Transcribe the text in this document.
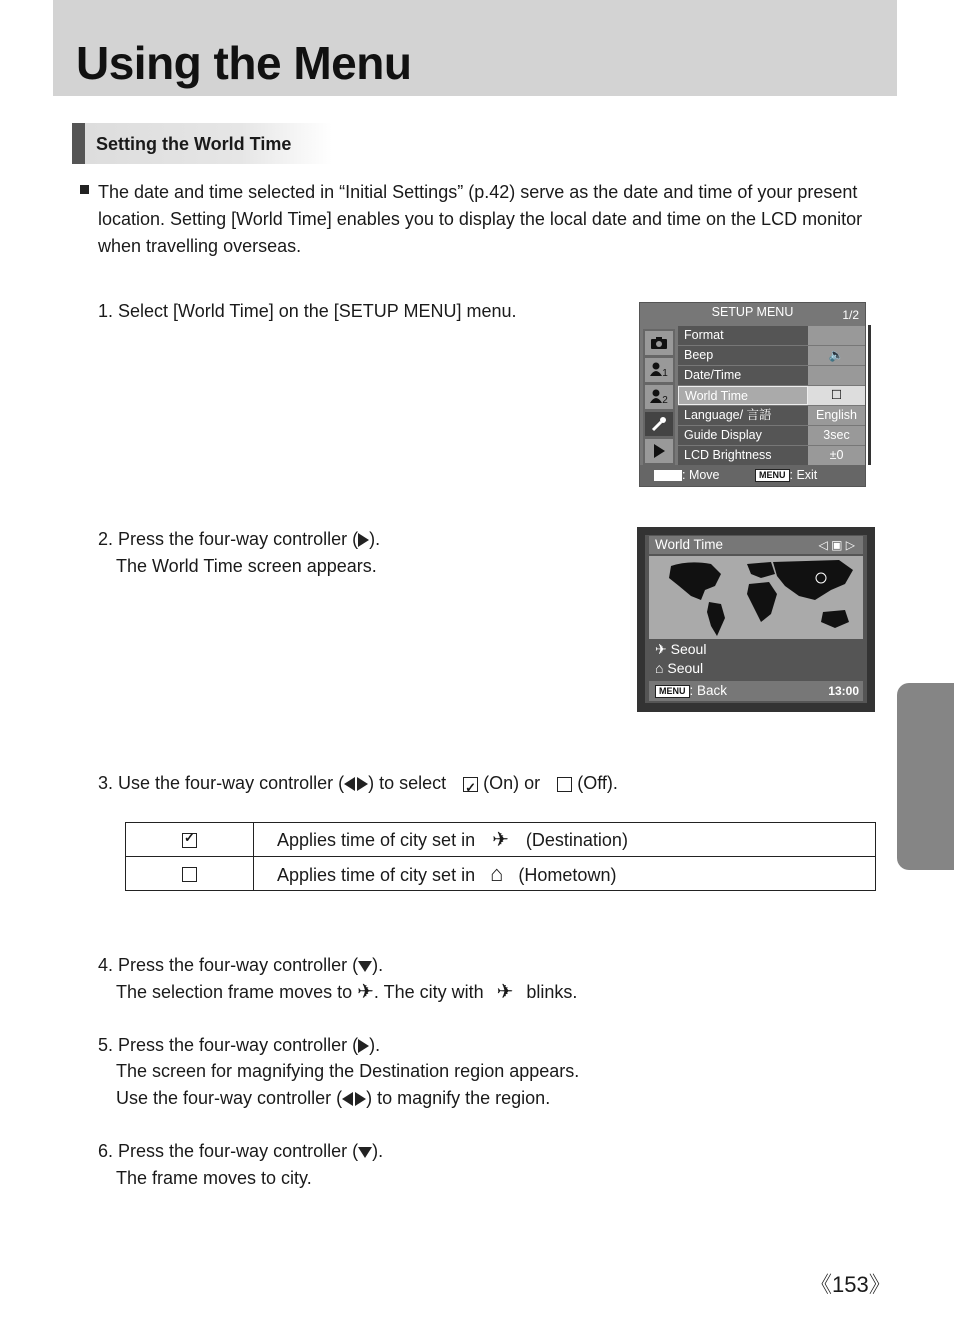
Using the Menu
Setting the World Time
The date and time selected in “Initial Settings” (p.42) serve as the date and time of your present
location. Setting [World Time] enables you to display the local date and time on the LCD monitor
when travelling overseas.
1. Select [World Time] on the [SETUP MENU] menu.	SETUP MENU	1/2
1
2
Format
Beep	🔈
Date/Time
World Time	☐
Language/ 言語	English
Guide Display	3sec
LCD Brightness	±0
: Move	MENU : Exit
2. Press the four-way controller ( ).
The World Time screen appears.
World Time	◁ ▣ ▷
✈ Seoul
⌂ Seoul
MENU : Back	13:00
3. Use the four-way controller ( ) to select ✓ (On) or (Off).
✓	Applies time of city set in ✈ (Destination)
	Applies time of city set in ⌂ (Hometown)
4. Press the four-way controller ( ).
The selection frame moves to ✈. The city with ✈ blinks.
5. Press the four-way controller ( ).
The screen for magnifying the Destination region appears.
Use the four-way controller ( ) to magnify the region.
6. Press the four-way controller ( ).
The frame moves to city.
《153》
